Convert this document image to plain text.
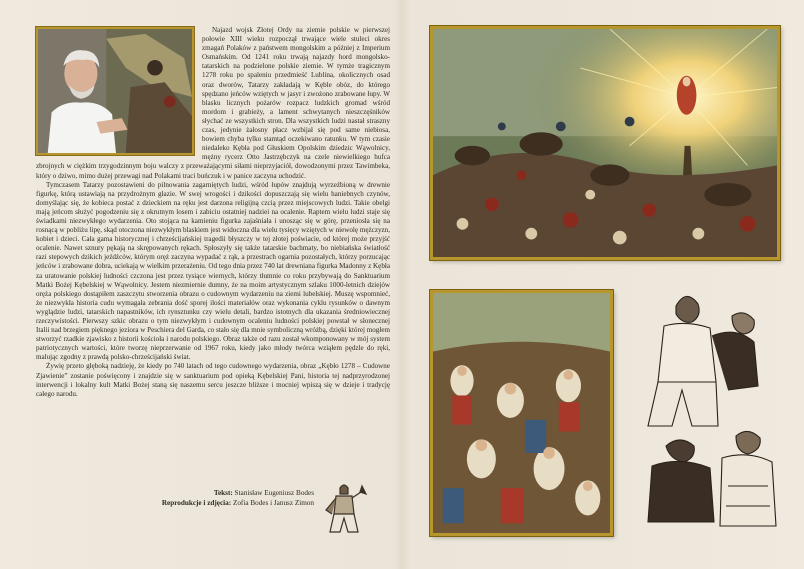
Najazd wojsk Złotej Ordy na ziemie polskie w pierwszej połowie XIII wieku rozpoczął trwające wiele stuleci okres zmagań Polaków z państwem mongolskim a później z Imperium Osmańskim. Od 1241 roku trwają najazdy hord mongolsko-tatarskich na podzielone polskie ziemie. W tymże tragicznym 1278 roku po spaleniu przedmieść Lublina, okolicznych osad oraz dworów, Tatarzy zakładają w Kęble obóz, do którego spędzano jeńców wziętych w jasyr i zwożono zrabowane łupy. W blasku licznych pożarów rozpacz ludzkich gromad wśród mordom i grabieży, a lament schwytanych nieszczęśników słychać ze wszystkich stron. Dla wszystkich ludzi nastał straszny czas, jedynie żałosny płacz wzbijał się pod same niebiosa, bowiem chyba tylko stamtąd oczekiwano ratunku. W tym czasie niedaleko Kębła pod Głuskiem Opolskim dziedzic Wąwolnicy, mężny rycerz Otto Jastrzębczyk na czele niewielkiego hufca zbrojnych w ciężkim trzygodzinnym boju walczy z przeważającymi siłami nieprzyjaciół, dowodzonymi przez Tawimbeka, który o dziwo, mimo dużej przewagi nad Polakami traci buńczuk i w panice zaczyna uchodzić.

Tymczasem Tatarzy pozostawieni do pilnowania zagarniętych ludzi, wśród łupów znajdują wyrzeźbioną w drewnie figurkę, którą ustawiają na przydrożnym głazie. W swej wrogości i dzikości dopuszczają się wielu haniebnych czynów, domyślając się, że kobieca postać z dzieckiem na ręku jest darzona religijną czcią przez miejscowych ludzi. Takie obelgi mają jeńcom służyć pogodzeniu się z okrutnym losem i zabiciu ostatniej nadziei na ocalenie. Raptem wielu ludzi staje się świadkami niezwykłego wydarzenia. Oto stojąca na kamieniu figurka zajaśniała i unosząc się w górę, przeniosła się na rosnącą w pobliżu lipę, skąd otoczona niezwykłym blaskiem jest widoczna dla wielu tysięcy wziętych w niewolę mężczyzn, kobiet i dzieci. Cała gama historycznej i chrześcijańskiej tragedii błyszczy w tej złotej poświacie, od której może przyjść ocalenie. Nawet sznury pękają na skrępowanych rękach. Spłoszyły się także tatarskie bachmaty, bo niebiańska światłość razi stepowych dzikich jeźdźców, którym oręż zaczyna wypadać z rąk, a przestrach ogarnia pozostałych, którzy porzucając jeńców i zrabowane dobra, uciekają w wielkim przerażeniu. Od tego dnia przez 740 lat drewniana figurka Madonny z Kębła za uratowanie polskiej ludności czczona jest przez tysiące wiernych, którzy tłumnie co roku przybywają do Sanktuarium Matki Bożej Kębelskiej w Wąwolnicy. Jestem niezmiernie dumny, że na moim artystycznym szlaku 1000-letnich dziejów oręża polskiego dostąpiłem zaszczytu stworzenia obrazu o cudownym wydarzeniu na ziemi lubelskiej. Muszę wspomnieć, że niezwykła historia cudu wymagała zebrania dość sporej ilości materiałów oraz wykonania cyklu rysunków o dawnym wyglądzie ludzi, tatarskich napastników, ich rynsztunku czy wielu detali, bardzo istotnych dla ukazania średniowiecznej rzeczywistości. Pierwszy szkic obrazu o tym niezwykłym i cudownym ocaleniu ludności polskiej powstał w słonecznej Italii nad brzegiem pięknego jeziora w Peschiera del Garda, co stało się dla mnie symboliczną wróżbą, dzięki której mogłem stworzyć rzadkie zjawisko z historii kościoła i narodu polskiego. Obraz także od razu został wkomponowany w mój system patriotycznych wartości, które tworzę nieprzerwanie od 1967 roku, kiedy jako młody twórca wziąłem pędzle do ręki, malując zgodny z prawdą polsko-chrześcijański świat.

Żywię przeto głęboką nadzieję, że kiedy po 740 latach od tego cudownego wydarzenia, obraz „Kębło 1278 – Cudowne Zjawienie” zostanie poświęcony i znajdzie się w sanktuarium pod opieką Kębelskiej Pani, historia tej nadprzyrodzonej interwencji i lokalny kult Matki Bożej staną się naszemu sercu jeszcze bliższe i mocniej wpiszą się w dzieje i tradycję całego narodu.

Tekst: Stanisław Eugeniusz Bodes
Reprodukcje i zdjęcia: Zofia Bodes i Janusz Zimon
